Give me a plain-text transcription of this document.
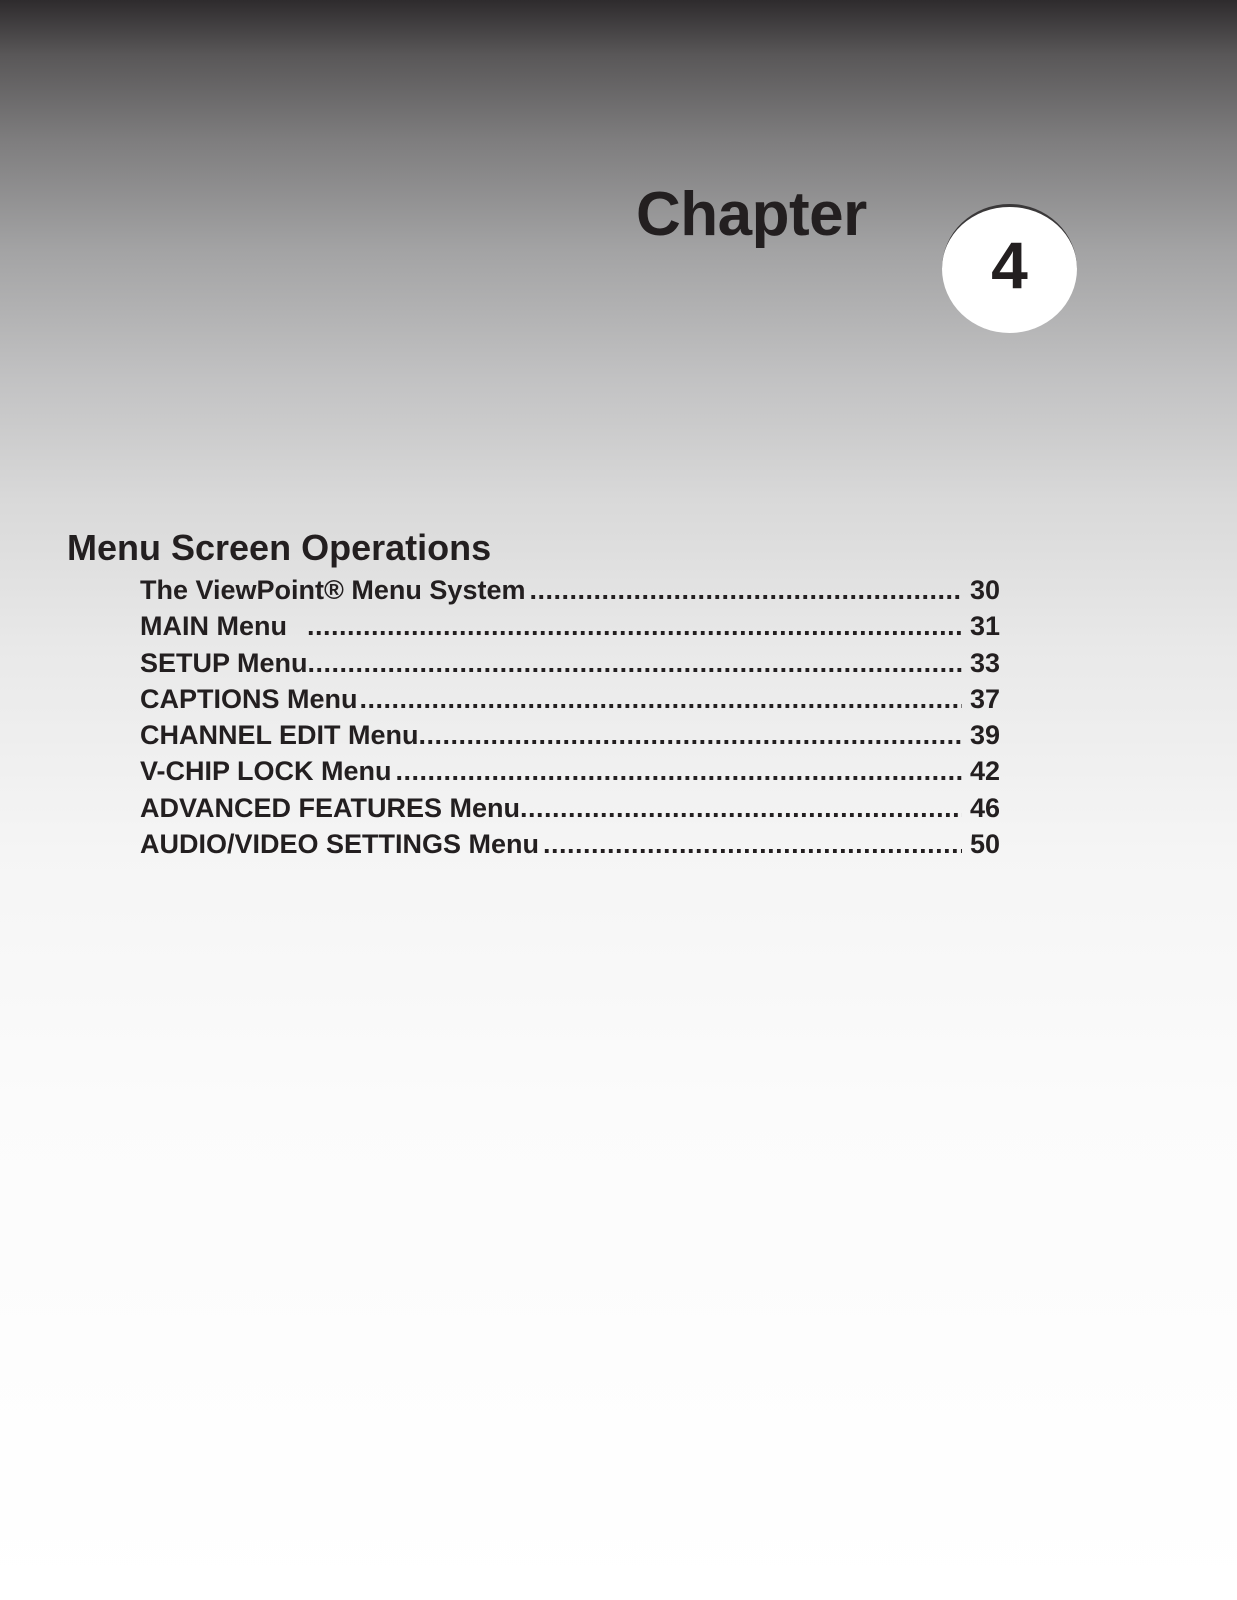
Chapter
4
Menu Screen Operations
The ViewPoint® Menu System .....	30
MAIN Menu .....	31
SETUP Menu .....	33
CAPTIONS Menu .....	37
CHANNEL EDIT Menu .....	39
V-CHIP LOCK Menu .....	42
ADVANCED FEATURES Menu .....	46
AUDIO/VIDEO SETTINGS Menu .....	50
